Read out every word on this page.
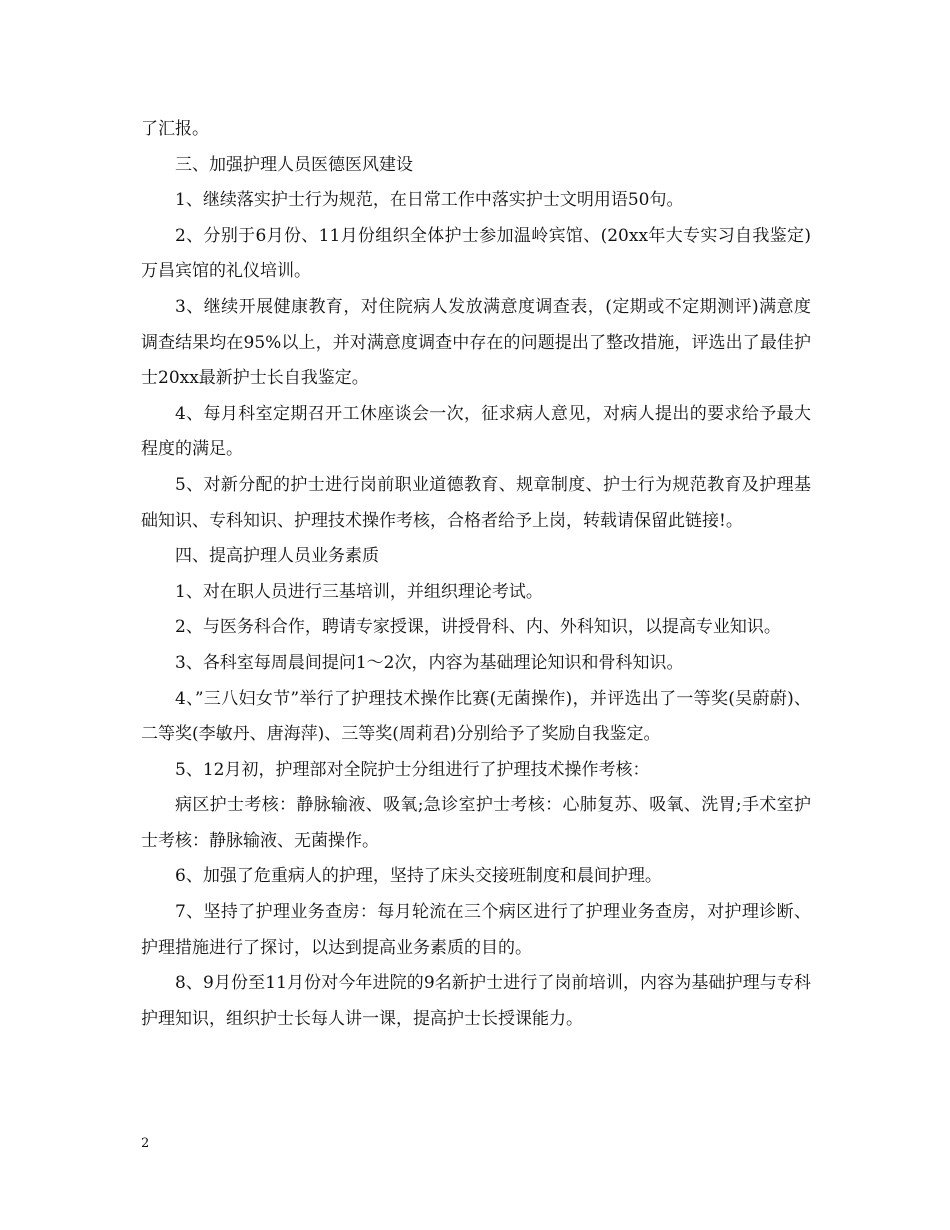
了汇报。

三、加强护理人员医德医风建设

1、继续落实护士行为规范，在日常工作中落实护士文明用语50句。

2、分别于6月份、11月份组织全体护士参加温岭宾馆、(20xx年大专实习自我鉴定)万昌宾馆的礼仪培训。

3、继续开展健康教育，对住院病人发放满意度调查表，(定期或不定期测评)满意度调查结果均在95%以上，并对满意度调查中存在的问题提出了整改措施，评选出了最佳护士20xx最新护士长自我鉴定。

4、每月科室定期召开工休座谈会一次，征求病人意见，对病人提出的要求给予最大程度的满足。

5、对新分配的护士进行岗前职业道德教育、规章制度、护士行为规范教育及护理基础知识、专科知识、护理技术操作考核，合格者给予上岗，转载请保留此链接!。

四、提高护理人员业务素质

1、对在职人员进行三基培训，并组织理论考试。

2、与医务科合作，聘请专家授课，讲授骨科、内、外科知识，以提高专业知识。

3、各科室每周晨间提问1～2次，内容为基础理论知识和骨科知识。

4、”三八妇女节”举行了护理技术操作比赛(无菌操作)，并评选出了一等奖(吴蔚蔚)、二等奖(李敏丹、唐海萍)、三等奖(周莉君)分别给予了奖励自我鉴定。

5、12月初，护理部对全院护士分组进行了护理技术操作考核：

病区护士考核：静脉输液、吸氧;急诊室护士考核：心肺复苏、吸氧、洗胃;手术室护士考核：静脉输液、无菌操作。

6、加强了危重病人的护理，坚持了床头交接班制度和晨间护理。

7、坚持了护理业务查房：每月轮流在三个病区进行了护理业务查房，对护理诊断、护理措施进行了探讨，以达到提高业务素质的目的。

8、9月份至11月份对今年进院的9名新护士进行了岗前培训，内容为基础护理与专科护理知识，组织护士长每人讲一课，提高护士长授课能力。

2
